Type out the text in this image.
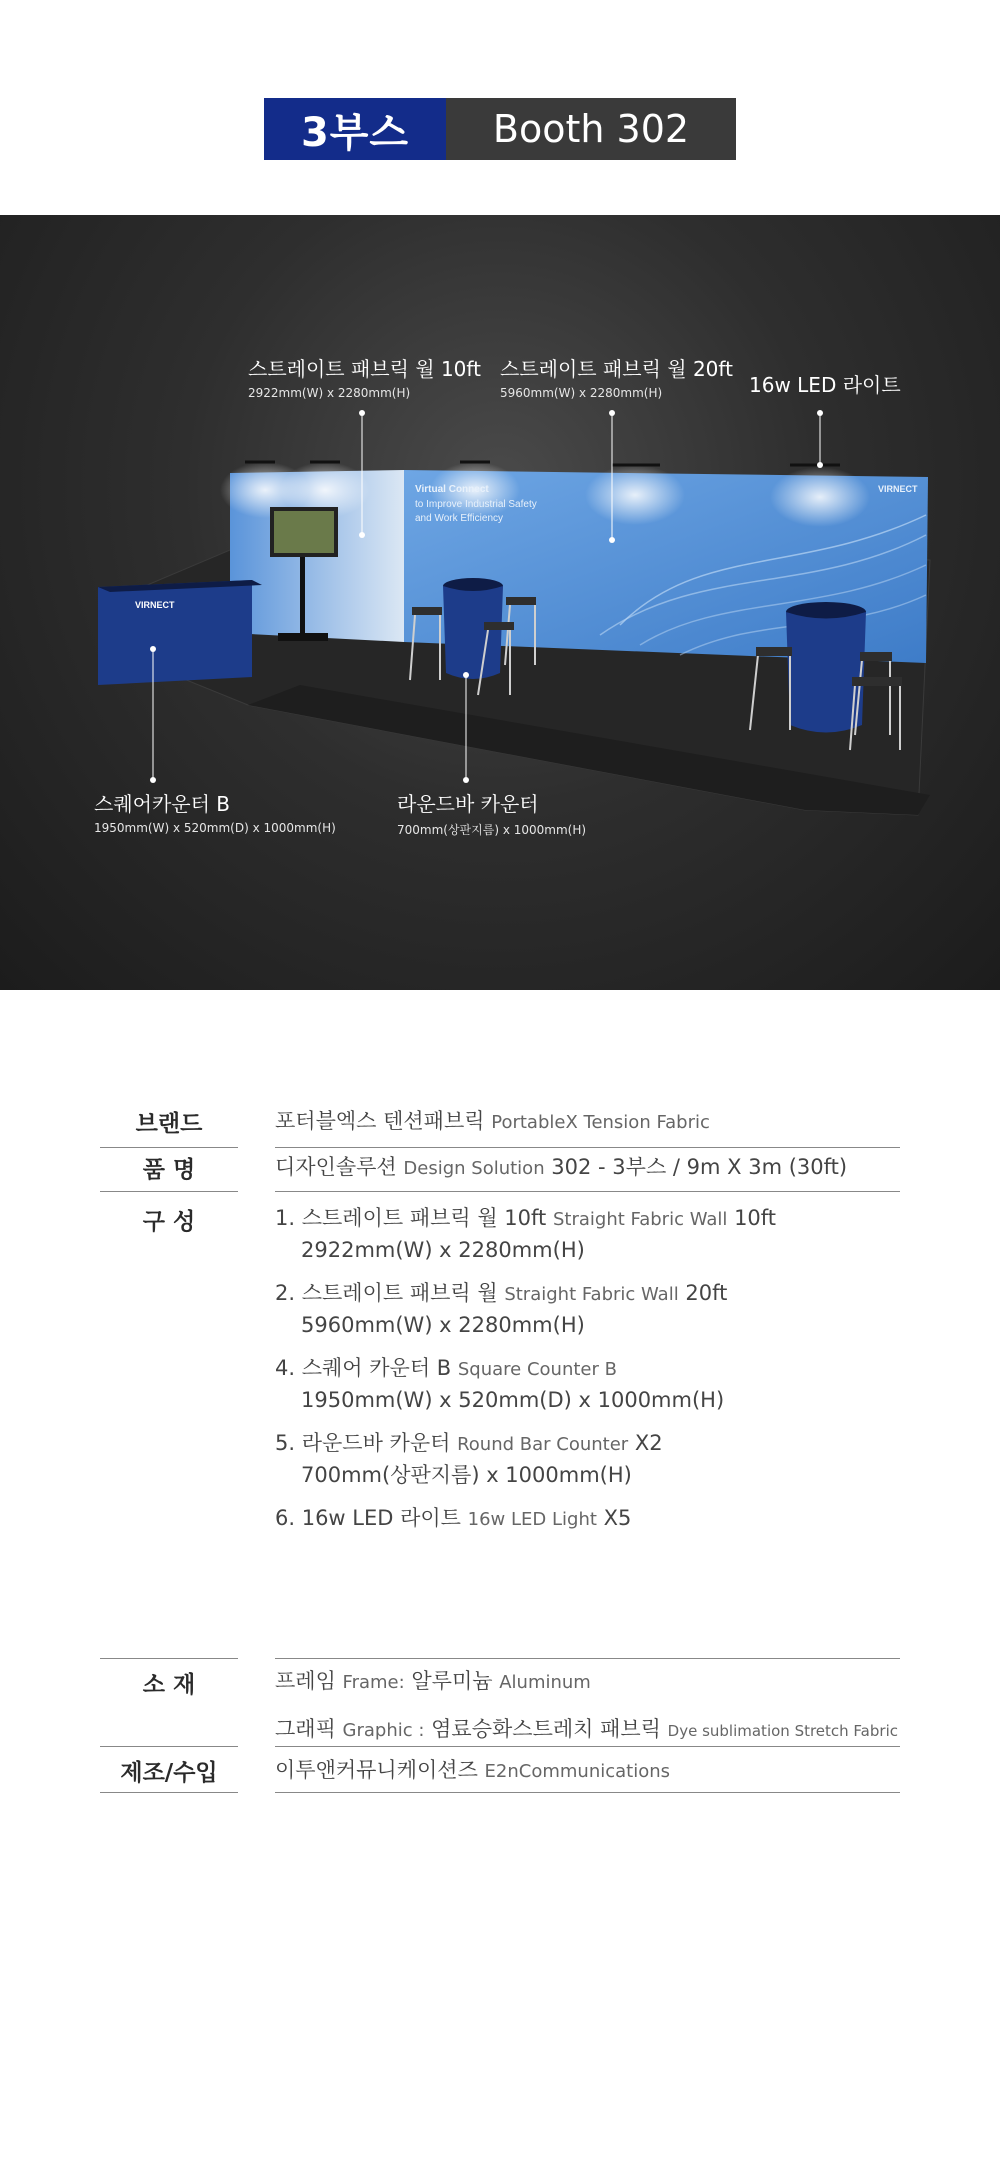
3부스	Booth 302
Virtual Connect
to Improve Industrial Safety
and Work Efficiency
VIRNECT
VIRNECT
스트레이트 패브릭 월 10ft
2922mm(W) x 2280mm(H)
스트레이트 패브릭 월 20ft
5960mm(W) x 2280mm(H)	16w LED 라이트
스퀘어카운터 B
1950mm(W) x 520mm(D) x 1000mm(H)
라운드바 카운터
700mm(상판지름) x 1000mm(H)
브랜드	포터블엑스 텐션패브릭 PortableX Tension Fabric
품 명	디자인솔루션 Design Solution 302 - 3부스 / 9m X 3m (30ft)
구 성	1. 스트레이트 패브릭 월 10ft Straight Fabric Wall 10ft
2922mm(W) x 2280mm(H)
2. 스트레이트 패브릭 월 Straight Fabric Wall 20ft
5960mm(W) x 2280mm(H)
4. 스퀘어 카운터 B Square Counter B
1950mm(W) x 520mm(D) x 1000mm(H)
5. 라운드바 카운터 Round Bar Counter X2
700mm(상판지름) x 1000mm(H)
6. 16w LED 라이트 16w LED Light X5
소 재	프레임 Frame: 알루미늄 Aluminum
그래픽 Graphic : 염료승화스트레치 패브릭 Dye sublimation Stretch Fabric
제조/수입	이투앤커뮤니케이션즈 E2nCommunications
